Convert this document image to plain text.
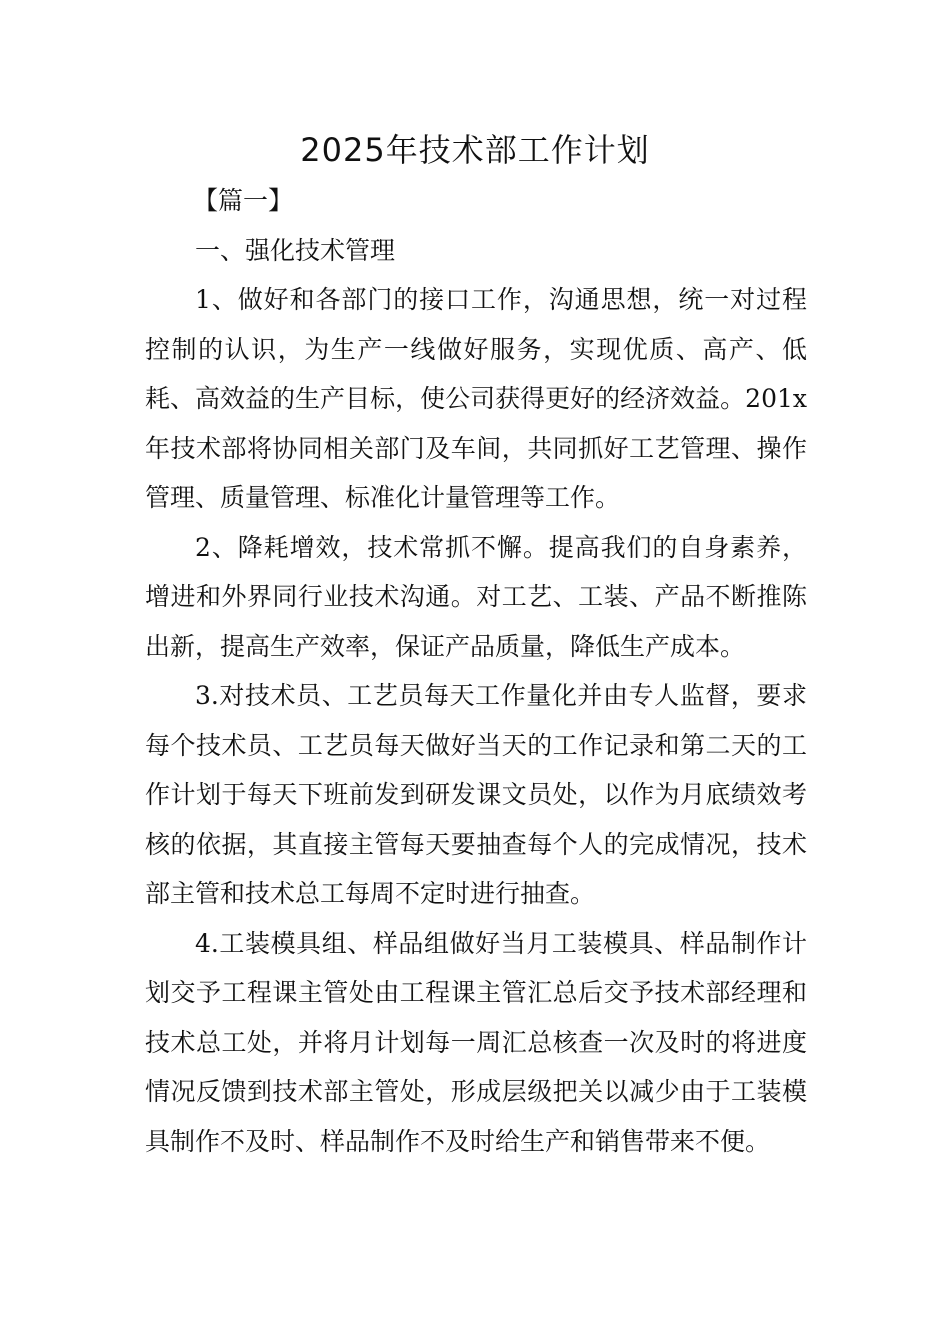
2025年技术部工作计划

【篇一】

一、强化技术管理

1、做好和各部门的接口工作，沟通思想，统一对过程控制的认识，为生产一线做好服务，实现优质、高产、低耗、高效益的生产目标，使公司获得更好的经济效益。201x年技术部将协同相关部门及车间，共同抓好工艺管理、操作管理、质量管理、标准化计量管理等工作。

2、降耗增效，技术常抓不懈。提高我们的自身素养，增进和外界同行业技术沟通。对工艺、工装、产品不断推陈出新，提高生产效率，保证产品质量，降低生产成本。

3.对技术员、工艺员每天工作量化并由专人监督，要求每个技术员、工艺员每天做好当天的工作记录和第二天的工作计划于每天下班前发到研发课文员处，以作为月底绩效考核的依据，其直接主管每天要抽查每个人的完成情况，技术部主管和技术总工每周不定时进行抽查。

4.工装模具组、样品组做好当月工装模具、样品制作计划交予工程课主管处由工程课主管汇总后交予技术部经理和技术总工处，并将月计划每一周汇总核查一次及时的将进度情况反馈到技术部主管处，形成层级把关以减少由于工装模具制作不及时、样品制作不及时给生产和销售带来不便。
